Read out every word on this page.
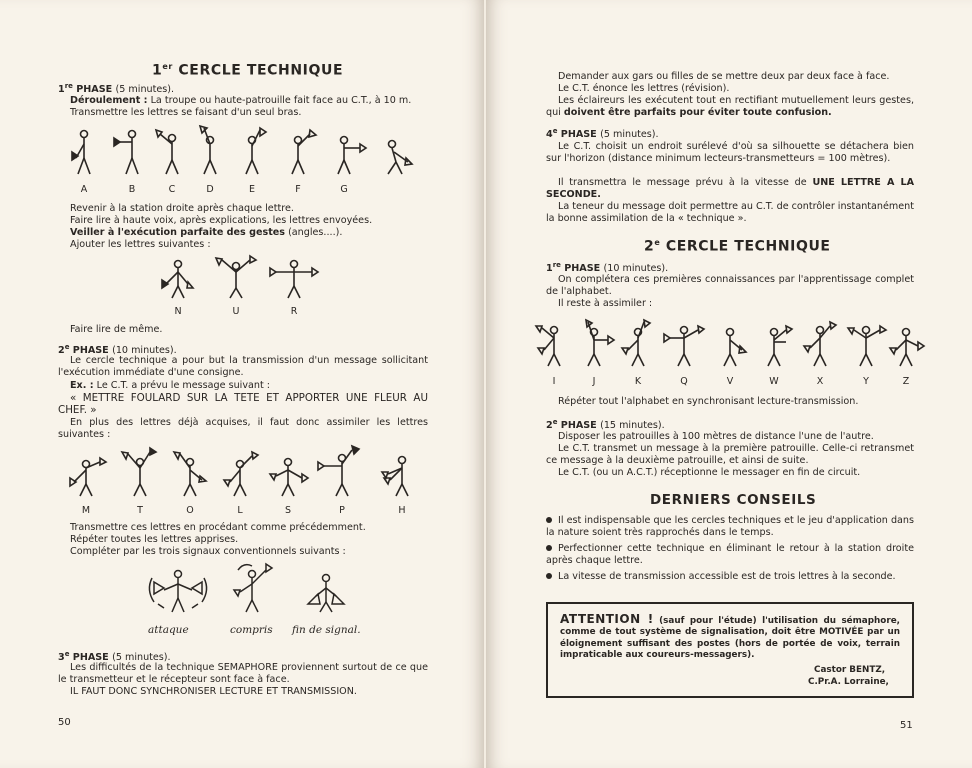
1er CERCLE TECHNIQUE
1re PHASE (5 minutes).
Déroulement : La troupe ou haute-patrouille fait face au C.T., à 10 m.
Transmettre les lettres se faisant d'un seul bras.
A	B	C	D	E	F	G
Revenir à la station droite après chaque lettre.
Faire lire à haute voix, après explications, les lettres envoyées.
Veiller à l'exécution parfaite des gestes (angles....).
Ajouter les lettres suivantes :
N	U	R
Faire lire de même.
2e PHASE (10 minutes).
Le cercle technique a pour but la transmission d'un message sollicitant l'exécution immédiate d'une consigne.
Ex. : Le C.T. a prévu le message suivant :
« METTRE FOULARD SUR LA TETE ET APPORTER UNE FLEUR AU CHEF. »
En plus des lettres déjà acquises, il faut donc assimiler les lettres suivantes :
M	T	O	L	S	P	H
Transmettre ces lettres en procédant comme précédemment.
Répéter toutes les lettres apprises.
Compléter par les trois signaux conventionnels suivants :
attaque	compris fin de signal.
3e PHASE (5 minutes).
Les difficultés de la technique SEMAPHORE proviennent surtout de ce que le transmetteur et le récepteur sont face à face.
IL FAUT DONC SYNCHRONISER LECTURE ET TRANSMISSION.
50
Demander aux gars ou filles de se mettre deux par deux face à face.
Le C.T. énonce les lettres (révision).
Les éclaireurs les exécutent tout en rectifiant mutuellement leurs gestes, qui doivent être parfaits pour éviter toute confusion.
4e PHASE (5 minutes).
Le C.T. choisit un endroit surélevé d'où sa silhouette se détachera bien sur l'horizon (distance minimum lecteurs-transmetteurs = 100 mètres).
Il transmettra le message prévu à la vitesse de UNE LETTRE A LA SECONDE.
La teneur du message doit permettre au C.T. de contrôler instantanément la bonne assimilation de la « technique ».
2e CERCLE TECHNIQUE
1re PHASE (10 minutes).
On complétera ces premières connaissances par l'apprentissage complet de l'alphabet.
Il reste à assimiler :
I	J	K	Q	V	W	X	Y	Z
Répéter tout l'alphabet en synchronisant lecture-transmission.
2e PHASE (15 minutes).
Disposer les patrouilles à 100 mètres de distance l'une de l'autre.
Le C.T. transmet un message à la première patrouille. Celle-ci retransmet ce message à la deuxième patrouille, et ainsi de suite.
Le C.T. (ou un A.C.T.) réceptionne le messager en fin de circuit.
DERNIERS CONSEILS
Il est indispensable que les cercles techniques et le jeu d'application dans la nature soient très rapprochés dans le temps.
Perfectionner cette technique en éliminant le retour à la station droite après chaque lettre.
La vitesse de transmission accessible est de trois lettres à la seconde.
ATTENTION ! (sauf pour l'étude) l'utilisation du sémaphore, comme de tout système de signalisation, doit être MOTIVÉE par un éloignement suffisant des postes (hors de portée de voix, terrain impraticable aux coureurs-messagers).
Castor BENTZ,
C.Pr.A. Lorraine,
51
